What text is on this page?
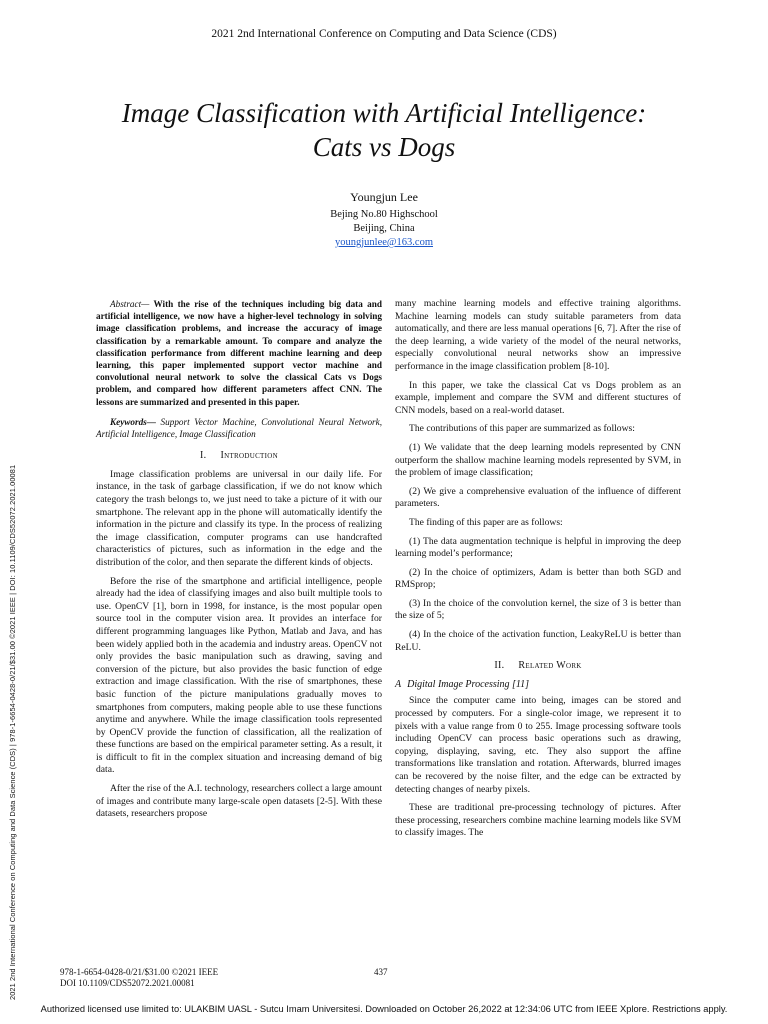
2021 2nd International Conference on Computing and Data Science (CDS)
Image Classification with Artificial Intelligence:
Cats vs Dogs
Youngjun Lee
Bejing No.80 Highschool
Beijing, China
youngjunlee@163.com
2021 2nd International Conference on Computing and Data Science (CDS) | 978-1-6654-0428-0/21/$31.00 ©2021 IEEE | DOI: 10.1109/CDS52072.2021.00081
Abstract— With the rise of the techniques including big data and artificial intelligence, we now have a higher-level technology in solving image classification problems, and increase the accuracy of image classification by a remarkable amount. To compare and analyze the classification performance from different machine learning and deep learning, this paper implemented support vector machine and convolutional neural network to solve the classical Cats vs Dogs problem, and compared how different parameters affect CNN. The lessons are summarized and presented in this paper.
Keywords— Support Vector Machine, Convolutional Neural Network, Artificial Intelligence, Image Classification
I. Introduction

Image classification problems are universal in our daily life. For instance, in the task of garbage classification, if we do not know which category the trash belongs to, we just need to take a picture of it with our smartphone. The relevant app in the phone will automatically identify the information in the picture and classify its type. In the process of realizing the image classification, computer programs can use handcrafted characteristics of pictures, such as information in the edge and the distribution of the color, and then separate the different kinds of objects.

Before the rise of the smartphone and artificial intelligence, people already had the idea of classifying images and also built multiple tools to use. OpenCV [1], born in 1998, for instance, is the most popular open source tool in the computer vision area. It provides an interface for different programming languages like Python, Matlab and Java, and has been widely applied both in the academia and industry areas. OpenCV not only provides the basic manipulation such as drawing, saving and conversion of the picture, but also provides the basic function of edge extraction and image classification. With the rise of smartphones, these basic function of the picture manipulations gradually moves to smartphones from computers, making people able to use these functions anytime and anywhere. While the image classification tools represented by OpenCV provide the function of classification, all the realization of these functions are based on the empirical parameter setting. As a result, it is difficult to fit in the complex situation and increasing demand of big data.

After the rise of the A.I. technology, researchers collect a large amount of images and contribute many large-scale open datasets [2-5]. With these datasets, researchers propose

many machine learning models and effective training algorithms. Machine learning models can study suitable parameters from data automatically, and there are less manual operations [6, 7]. After the rise of the deep learning, a wide variety of the model of the neural networks, especially convolutional neural networks show an impressive performance in the image classification problem [8-10].

In this paper, we take the classical Cat vs Dogs problem as an example, implement and compare the SVM and different stuctures of CNN models, based on a real-world dataset.

The contributions of this paper are summarized as follows:

(1) We validate that the deep learning models represented by CNN outperform the shallow machine learning models represented by SVM, in the problem of image classification;

(2) We give a comprehensive evaluation of the influence of different parameters.

The finding of this paper are as follows:

(1) The data augmentation technique is helpful in improving the deep learning model’s performance;

(2) In the choice of optimizers, Adam is better than both SGD and RMSprop;

(3) In the choice of the convolution kernel, the size of 3 is better than the size of 5;

(4) In the choice of the activation function, LeakyReLU is better than ReLU.

II. Related Work
A Digital Image Processing [11]

Since the computer came into being, images can be stored and processed by computers. For a single-color image, we represent it to pixels with a value range from 0 to 255. Image processing software tools including OpenCV can process basic operations such as drawing, copying, displaying, saving, etc. They also support the affine transformations like translation and rotation. Afterwards, blurred images can be recovered by the noise filter, and the edge can be extracted by detecting changes of nearby pixels.

These are traditional pre-processing technology of pictures. After these processing, researchers combine machine learning models like SVM to classify images. The

978-1-6654-0428-0/21/$31.00 ©2021 IEEE
DOI 10.1109/CDS52072.2021.00081
437
Authorized licensed use limited to: ULAKBIM UASL - Sutcu Imam Universitesi. Downloaded on October 26,2022 at 12:34:06 UTC from IEEE Xplore. Restrictions apply.
